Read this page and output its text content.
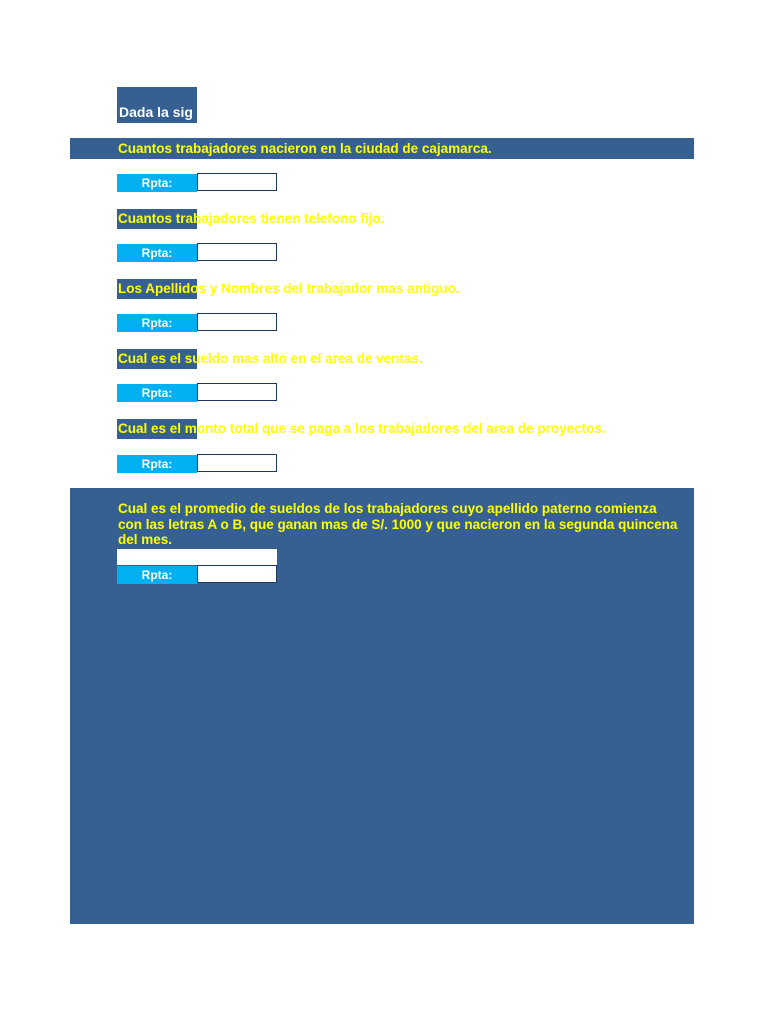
Dada la sig
Cuantos trabajadores nacieron en la ciudad de cajamarca.
Rpta:
Cuantos trabajadores tienen telefono fijo.
Rpta:
Los Apellidos y Nombres del trabajador mas antiguo.
Rpta:
Cual es el sueldo mas alto en el area de ventas.
Rpta:
Cual es el monto total que se paga a los trabajadores del area de proyectos.
Rpta:
Cual es el promedio de sueldos de los trabajadores cuyo apellido paterno comienza con las letras A o B, que ganan mas de S/. 1000 y que nacieron en la segunda quincena del mes.
Rpta:
